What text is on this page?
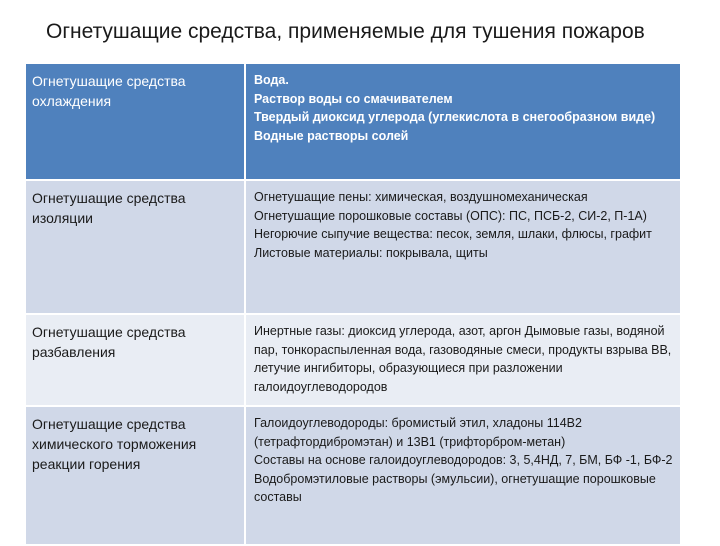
Огнетушащие средства, применяемые для тушения пожаров
Огнетушащие средства охлаждения	Вода.
Раствор воды со смачивателем
Твердый диоксид углерода (углекислота в снегообразном виде)
Водные растворы солей

Огнетушащие средства изоляции	Огнетушащие пены: химическая, воздушномеханическая
Огнетушащие порошковые составы (ОПС): ПС, ПСБ-2, СИ-2, П-1А)
Негорючие сыпучие вещества: песок, земля, шлаки, флюсы, графит
Листовые материалы: покрывала, щиты

Огнетушащие средства разбавления	Инертные газы: диоксид углерода, азот, аргон Дымовые газы, водяной пар, тонкораспыленная вода, газоводяные смеси, продукты взрыва ВВ, летучие ингибиторы, образующиеся при разложении галоидоуглеводородов

Огнетушащие средства химического торможения реакции горения	Галоидоуглеводороды: бромистый этил, хладоны 114В2 (тетрафтордибромэтан) и 13В1 (трифторбром-метан)
Составы на основе галоидоуглеводородов: 3, 5,4НД, 7, БМ, БФ -1, БФ-2
Водобромэтиловые растворы (эмульсии), огнетушащие порошковые составы
